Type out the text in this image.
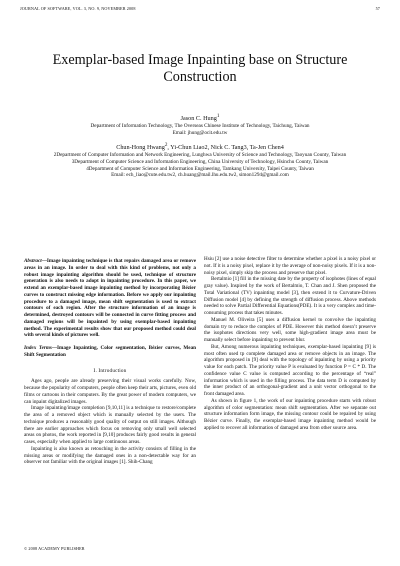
JOURNAL OF SOFTWARE, VOL. 3, NO. 9, NOVEMBER 2008	57
Exemplar-based Image Inpainting base on Structure Construction
Jason C. Hung$^1$
Department of Information Technology, The Overseas Chinese Institute of Technology, Taichung, Taiwan
Email: jhung@ocit.edu.tw
Chun-Hong Hwang$^2$, Yi-Chun Liao2, Nick C. Tang3, Ta-Jen Chen4
2Department of Computer Information and Network Engineering, Lunghwa University of Science and Technology, Taoyuan County, Taiwan
3Department of Computer Science and Information Engineering, China University of Technology, Hsinchu County, Taiwan
4Department of Computer Science and Information Engineering, Tamkang University, Taipei County, Taiwan
Email: ech_liao@cute.edu.tw2, ch.huang@mail.lhu.edu.tw2, simon1294@gmail.com

Abstract—Image inpainting technique is that repairs damaged area or remove areas in an image. In order to deal with this kind of problems, not only a robust image inpainting algorithm should be used, technique of structure generation is also needs to adopt in inpainting procedure. In this paper, we extend an exemplar-based image inpainting method by incorporating Bézier curves to construct missing edge information. Before we apply our inpainting procedure to a damaged image, mean shift segmentation is used to extract contours of each region. After the structure information of an image is determined, destroyed contours will be connected in curve fitting process and damaged regions will be inpainted by using exemplar-based inpainting method. The experimental results show that our proposed method could deal with several kinds of pictures well.

Index Terms—Image Inpainting, Color segmentation, Bézier curves, Mean Shift Segmentation

I. Introduction

Ages ago, people are already preserving their visual works carefully. Now, because the popularity of computers, people often keep their arts, pictures, even old films or cartoons in their computers. By the great power of modern computers, we can inpaint digitalized images.

Image inpainting/image completion [9,10,11] is a technique to restore/complete the area of a removed object which is manually selected by the users. The technique produces a reasonably good quality of output on still images. Although there are earlier approaches which focus on removing only small well selected areas on photos, the work reported in [9,10] produces fairly good results in general cases, especially when applied to large continuous areas.

Inpainting is also known as retouching in the activity consists of filling in the missing areas or modifying the damaged ones in a non-detectable way for an observer not familiar with the original images [1]. Shih-Chang

Hsiu [2] use a noise detective filter to determine whether a pixel is a noisy pixel or not. If it is a noisy pixel, replace it by the average of non-noisy pixels. If it is a non-noisy pixel, simply skip the process and preserve that pixel.

Bertalmio [1] fill in the missing date by the property of isophotes (lines of equal gray value). Inspired by the work of Bertalmio, T. Chan and J. Shen proposed the Total Variational (TV) inpainting model [3], then extend it to Curvature-Driven Diffusion model [4] by defining the strength of diffusion process. Above methods needed to solve Partial Differential Equations(PDE). It is a very complex and time- consuming process that takes minutes.

Manuel M. Oliveira [5] uses a diffusion kernel to convolve the inpainting domain try to reduce the complex of PDE. However this method doesn’t preserve the isophotes directions very well, some high-gradient image area must be manually select before inpainting to prevent blur.

But, Among numerous inpainting techniques, exemplar-based inpainting [9] is most often used tp complete damaged area or remove objects in an image. The algorithm proposed in [9] deal with the topology of inpainting by using a priority value for each patch. The priority value P is evaluated by function P = C * D. The confidence value C value is computed according to the percentage of “real” information which is used in the filling process. The data term D is computed by the inner product of an orthogonal-gradient and a unit vector orthogonal to the front damaged area.

As shown in figure 1, the work of our inpainting procedure starts with robust algorithm of color segmentation: mean shift segmentation. After we separate out structure information form image, the missing contour could be repaired by using Bézier curve. Finally, the exemplar-based image inpainting method would be applied to recover all information of damaged area from other source area.

© 2008 ACADEMY PUBLISHER
